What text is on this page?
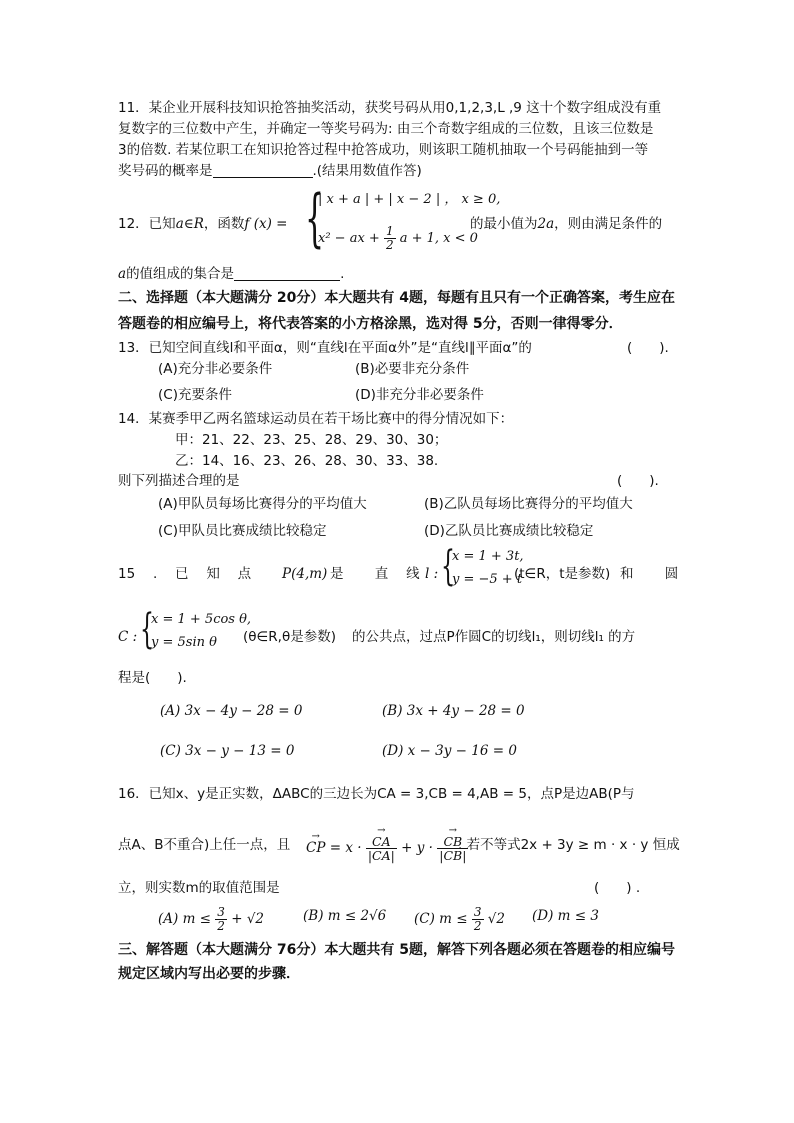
11．某企业开展科技知识抢答抽奖活动，获奖号码从用0,1,2,3,L ,9 这十个数字组成没有重
复数字的三位数中产生，并确定一等奖号码为: 由三个奇数字组成的三位数，且该三位数是
3的倍数. 若某位职工在知识抢答过程中抢答成功，则该职工随机抽取一个号码能抽到一等
奖号码的概率是	.(结果用数值作答)
12．已知a∈R，函数f (x) = {
| x + a | + | x − 2 | ， x ≥ 0,
x² − ax + $\frac{1}{2}$ a + 1, x < 0
的最小值为2a，则由满足条件的
a的值组成的集合是	.
二、选择题（本大题满分 20分）本大题共有 4题，每题有且只有一个正确答案，考生应在
答题卷的相应编号上，将代表答案的小方格涂黑，选对得 5分，否则一律得零分．
13．已知空间直线l和平面α，则“直线l在平面α外”是“直线l∥平面α”的	(　　).
(A)充分非必要条件	(B)必要非充分条件
(C)充要条件	(D)非充分非必要条件
14．某赛季甲乙两名篮球运动员在若干场比赛中的得分情况如下：
甲：21、22、23、25、28、29、30、30；
乙：14、16、23、26、28、30、33、38.
则下列描述合理的是	(　　).
(A)甲队员每场比赛得分的平均值大	(B)乙队员每场比赛得分的平均值大
(C)甲队员比赛成绩比较稳定	(D)乙队员比赛成绩比较稳定
15 　. 　已 　知 　点 P(4,m) 是 　　直 　线 l : {
x = 1 + 3t,
y = −5 + t
(t∈R，t是参数) 和 　　圆
C : {
x = 1 + 5cos θ,
y = 5sin θ (θ∈R,θ是参数) 的公共点，过点P作圆C的切线l₁，则切线l₁ 的方
程是(　　).
(A) 3x − 4y − 28 = 0	(B) 3x + 4y − 28 = 0
(C) 3x − y − 13 = 0	(D) x − 3y − 16 = 0
16．已知x、y是正实数，ΔABC的三边长为CA = 3,CB = 4,AB = 5，点P是边AB(P与
点A、B不重合)上任一点，且 → CP = x · → $\frac{CA}{|CA|} + y$ · → $\frac{CB}{|CB|}$
. 若不等式2x + 3y ≥ m · x · y 恒成
立，则实数m的取值范围是	(　　) .
(A) $m \le \frac{3}{2} + √2$	(B) m ≤ 2√6 (C) $m \le \frac{3}{2} √2$ (D) m ≤ 3
三、解答题（本大题满分 76分）本大题共有 5题，解答下列各题必须在答题卷的相应编号
规定区域内写出必要的步骤．
